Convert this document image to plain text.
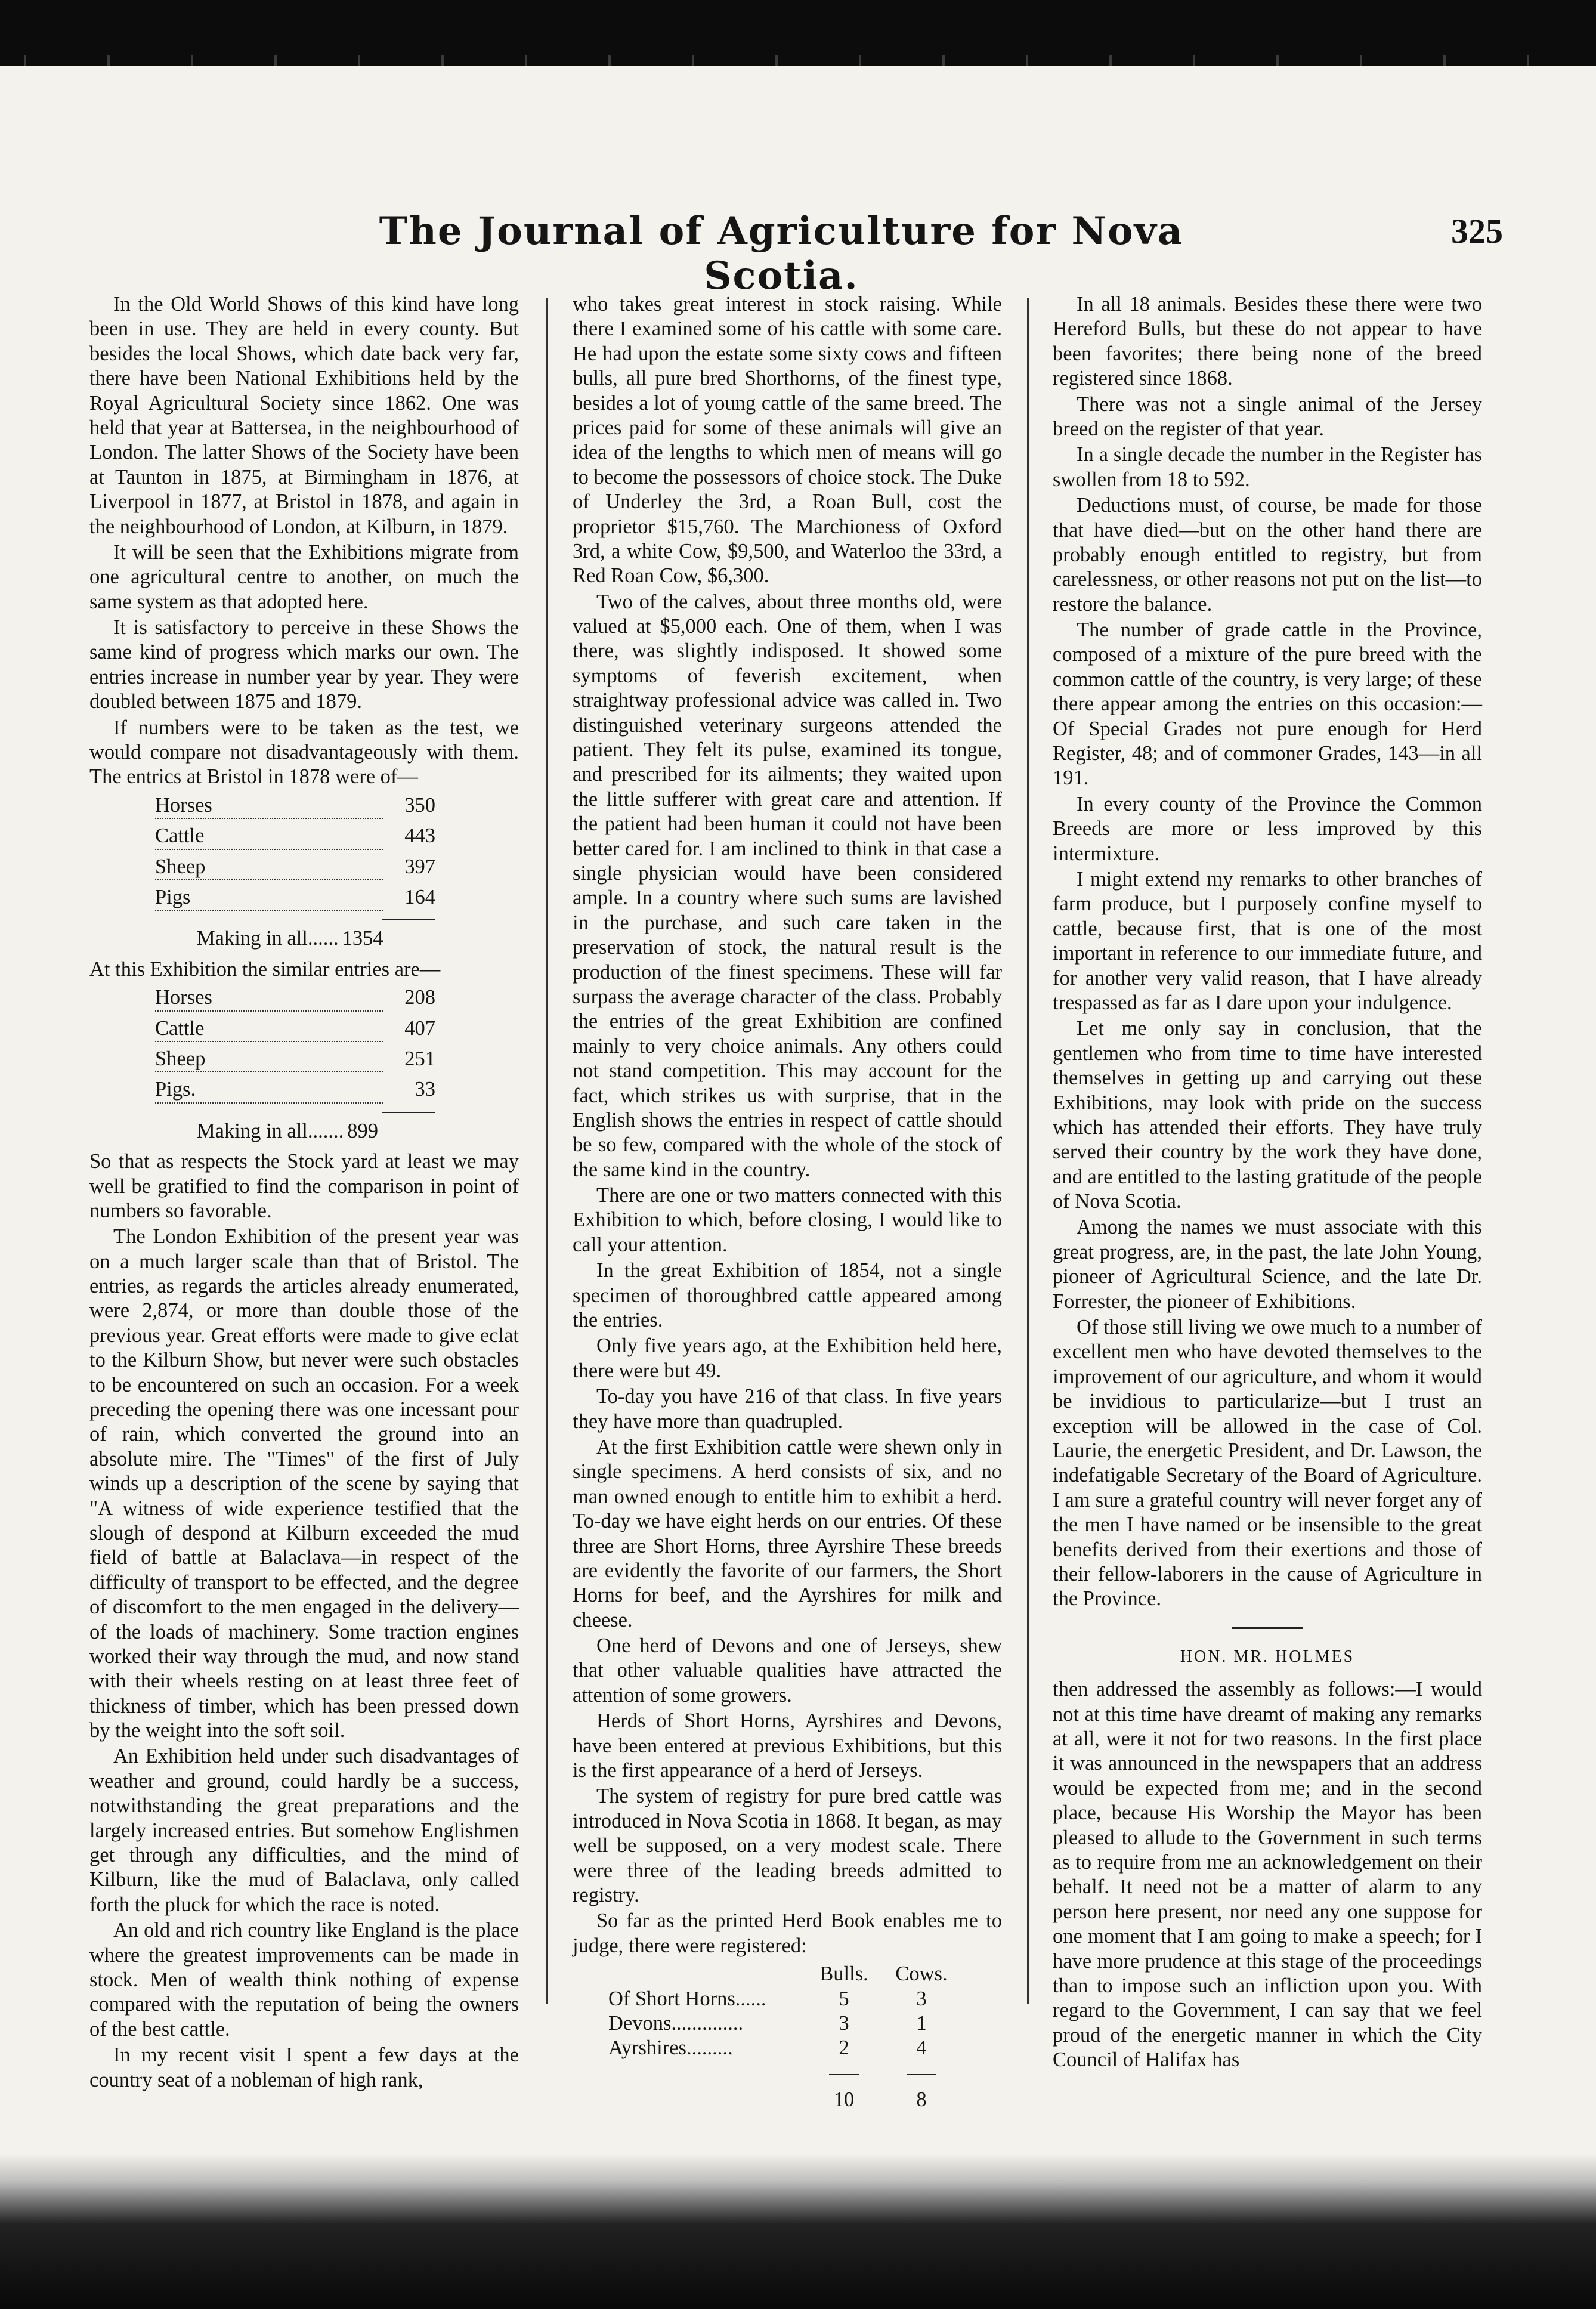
The Journal of Agriculture for Nova Scotia.
325

In the Old World Shows of this kind have long been in use. They are held in every county. But besides the local Shows, which date back very far, there have been National Exhibitions held by the Royal Agricultural Society since 1862. One was held that year at Battersea, in the neighbourhood of London. The latter Shows of the Society have been at Taunton in 1875, at Birmingham in 1876, at Liverpool in 1877, at Bristol in 1878, and again in the neighbourhood of London, at Kilburn, in 1879.

It will be seen that the Exhibitions migrate from one agricultural centre to another, on much the same system as that adopted here.

It is satisfactory to perceive in these Shows the same kind of progress which marks our own. The entries increase in number year by year. They were doubled between 1875 and 1879.

If numbers were to be taken as the test, we would compare not disadvantageously with them. The entrics at Bristol in 1878 were of—

Horses	350
Cattle	443
Sheep	397
Pigs	164
Making in all...... 1354

At this Exhibition the similar entries are—

Horses	208
Cattle	407
Sheep	251
Pigs.	33
Making in all....... 899

So that as respects the Stock yard at least we may well be gratified to find the comparison in point of numbers so favorable.

The London Exhibition of the present year was on a much larger scale than that of Bristol. The entries, as regards the articles already enumerated, were 2,874, or more than double those of the previous year. Great efforts were made to give eclat to the Kilburn Show, but never were such obstacles to be encountered on such an occasion. For a week preceding the opening there was one incessant pour of rain, which converted the ground into an absolute mire. The "Times" of the first of July winds up a description of the scene by saying that "A witness of wide experience testified that the slough of despond at Kilburn exceeded the mud field of battle at Balaclava—in respect of the difficulty of transport to be effected, and the degree of discomfort to the men engaged in the delivery—of the loads of machinery. Some traction engines worked their way through the mud, and now stand with their wheels resting on at least three feet of thickness of timber, which has been pressed down by the weight into the soft soil.

An Exhibition held under such disadvantages of weather and ground, could hardly be a success, notwithstanding the great preparations and the largely increased entries. But somehow Englishmen get through any difficulties, and the mind of Kilburn, like the mud of Balaclava, only called forth the pluck for which the race is noted.

An old and rich country like England is the place where the greatest improvements can be made in stock. Men of wealth think nothing of expense compared with the reputation of being the owners of the best cattle.

In my recent visit I spent a few days at the country seat of a nobleman of high rank,

who takes great interest in stock raising. While there I examined some of his cattle with some care. He had upon the estate some sixty cows and fifteen bulls, all pure bred Shorthorns, of the finest type, besides a lot of young cattle of the same breed. The prices paid for some of these animals will give an idea of the lengths to which men of means will go to become the possessors of choice stock. The Duke of Underley the 3rd, a Roan Bull, cost the proprietor $15,760. The Marchioness of Oxford 3rd, a white Cow, $9,500, and Waterloo the 33rd, a Red Roan Cow, $6,300.

Two of the calves, about three months old, were valued at $5,000 each. One of them, when I was there, was slightly indisposed. It showed some symptoms of feverish excitement, when straightway professional advice was called in. Two distinguished veterinary surgeons attended the patient. They felt its pulse, examined its tongue, and prescribed for its ailments; they waited upon the little sufferer with great care and attention. If the patient had been human it could not have been better cared for. I am inclined to think in that case a single physician would have been considered ample. In a country where such sums are lavished in the purchase, and such care taken in the preservation of stock, the natural result is the production of the finest specimens. These will far surpass the average character of the class. Probably the entries of the great Exhibition are confined mainly to very choice animals. Any others could not stand competition. This may account for the fact, which strikes us with surprise, that in the English shows the entries in respect of cattle should be so few, compared with the whole of the stock of the same kind in the country.

There are one or two matters connected with this Exhibition to which, before closing, I would like to call your attention.

In the great Exhibition of 1854, not a single specimen of thoroughbred cattle appeared among the entries.

Only five years ago, at the Exhibition held here, there were but 49.

To-day you have 216 of that class. In five years they have more than quadrupled.

At the first Exhibition cattle were shewn only in single specimens. A herd consists of six, and no man owned enough to entitle him to exhibit a herd. To-day we have eight herds on our entries. Of these three are Short Horns, three Ayrshire These breeds are evidently the favorite of our farmers, the Short Horns for beef, and the Ayrshires for milk and cheese.

One herd of Devons and one of Jerseys, shew that other valuable qualities have attracted the attention of some growers.

Herds of Short Horns, Ayrshires and Devons, have been entered at previous Exhibitions, but this is the first appearance of a herd of Jerseys.

The system of registry for pure bred cattle was introduced in Nova Scotia in 1868. It began, as may well be supposed, on a very modest scale. There were three of the leading breeds admitted to registry.

So far as the printed Herd Book enables me to judge, there were registered:

Bulls.	Cows.
Of Short Horns......	5	3
Devons..............	3	1
Ayrshires.........	2	4
10	8

In all 18 animals. Besides these there were two Hereford Bulls, but these do not appear to have been favorites; there being none of the breed registered since 1868.

There was not a single animal of the Jersey breed on the register of that year.

In a single decade the number in the Register has swollen from 18 to 592.

Deductions must, of course, be made for those that have died—but on the other hand there are probably enough entitled to registry, but from carelessness, or other reasons not put on the list—to restore the balance.

The number of grade cattle in the Province, composed of a mixture of the pure breed with the common cattle of the country, is very large; of these there appear among the entries on this occasion:—Of Special Grades not pure enough for Herd Register, 48; and of commoner Grades, 143—in all 191.

In every county of the Province the Common Breeds are more or less improved by this intermixture.

I might extend my remarks to other branches of farm produce, but I purposely confine myself to cattle, because first, that is one of the most important in reference to our immediate future, and for another very valid reason, that I have already trespassed as far as I dare upon your indulgence.

Let me only say in conclusion, that the gentlemen who from time to time have interested themselves in getting up and carrying out these Exhibitions, may look with pride on the success which has attended their efforts. They have truly served their country by the work they have done, and are entitled to the lasting gratitude of the people of Nova Scotia.

Among the names we must associate with this great progress, are, in the past, the late John Young, pioneer of Agricultural Science, and the late Dr. Forrester, the pioneer of Exhibitions.

Of those still living we owe much to a number of excellent men who have devoted themselves to the improvement of our agriculture, and whom it would be invidious to particularize—but I trust an exception will be allowed in the case of Col. Laurie, the energetic President, and Dr. Lawson, the indefatigable Secretary of the Board of Agriculture. I am sure a grateful country will never forget any of the men I have named or be insensible to the great benefits derived from their exertions and those of their fellow-laborers in the cause of Agriculture in the Province.

HON. MR. HOLMES

then addressed the assembly as follows:—I would not at this time have dreamt of making any remarks at all, were it not for two reasons. In the first place it was announced in the newspapers that an address would be expected from me; and in the second place, because His Worship the Mayor has been pleased to allude to the Government in such terms as to require from me an acknowledgement on their behalf. It need not be a matter of alarm to any person here present, nor need any one suppose for one moment that I am going to make a speech; for I have more prudence at this stage of the proceedings than to impose such an infliction upon you. With regard to the Government, I can say that we feel proud of the energetic manner in which the City Council of Halifax has
